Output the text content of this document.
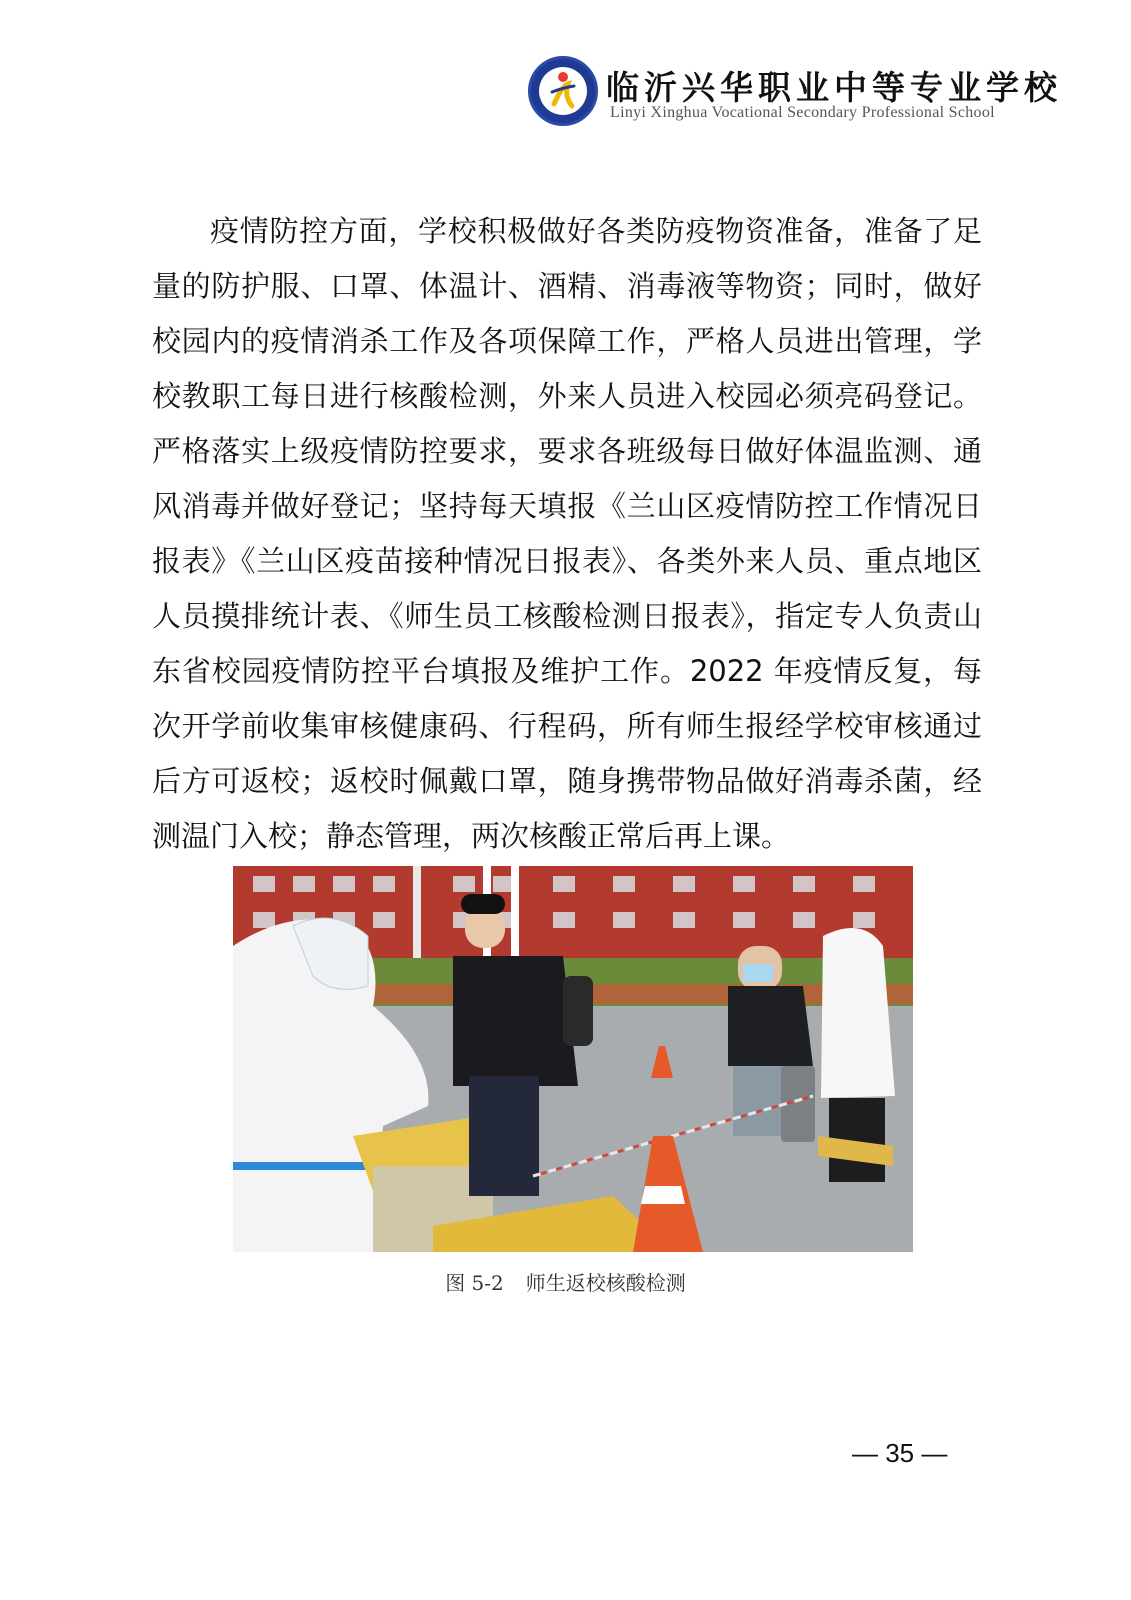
临沂兴华职业中等专业学校
Linyi Xinghua Vocational Secondary Professional School

疫情防控方面，学校积极做好各类防疫物资准备，准备了足量的防护服、口罩、体温计、酒精、消毒液等物资；同时，做好校园内的疫情消杀工作及各项保障工作，严格人员进出管理，学校教职工每日进行核酸检测，外来人员进入校园必须亮码登记。严格落实上级疫情防控要求，要求各班级每日做好体温监测、通风消毒并做好登记；坚持每天填报《兰山区疫情防控工作情况日报表》《兰山区疫苗接种情况日报表》、各类外来人员、重点地区人员摸排统计表、《师生员工核酸检测日报表》，指定专人负责山东省校园疫情防控平台填报及维护工作。2022 年疫情反复，每次开学前收集审核健康码、行程码，所有师生报经学校审核通过后方可返校；返校时佩戴口罩，随身携带物品做好消毒杀菌，经测温门入校；静态管理，两次核酸正常后再上课。

图 5-2 师生返校核酸检测
— 35 —
